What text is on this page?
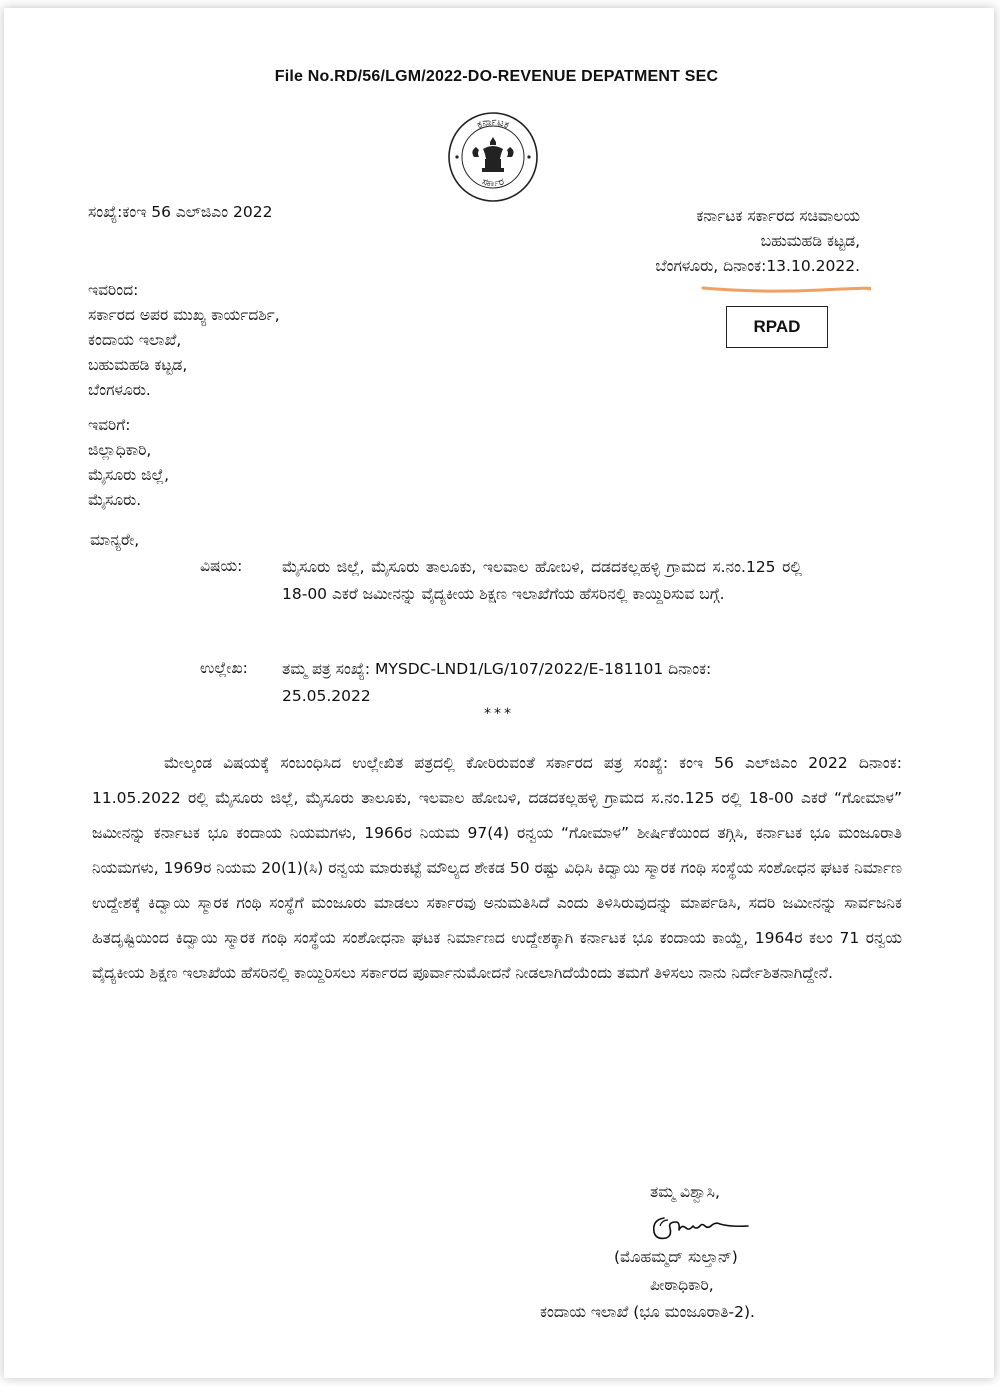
File No.RD/56/LGM/2022-DO-REVENUE DEPATMENT SEC
ಕರ್ನಾಟಕ
ಸರ್ಕಾರ
ಸಂಖ್ಯೆ:ಕಂಇ 56 ಎಲ್‌ಜಿಎಂ 2022	ಕರ್ನಾಟಕ ಸರ್ಕಾರದ ಸಚಿವಾಲಯ
ಬಹುಮಹಡಿ ಕಟ್ಟಡ,
ಬೆಂಗಳೂರು, ದಿನಾಂಕ:13.10.2022.
RPAD
ಇವರಿಂದ:
ಸರ್ಕಾರದ ಅಪರ ಮುಖ್ಯ ಕಾರ್ಯದರ್ಶಿ,
ಕಂದಾಯ ಇಲಾಖೆ,
ಬಹುಮಹಡಿ ಕಟ್ಟಡ,
ಬೆಂಗಳೂರು.
ಇವರಿಗೆ:
ಜಿಲ್ಲಾಧಿಕಾರಿ,
ಮೈಸೂರು ಜಿಲ್ಲೆ,
ಮೈಸೂರು.
ಮಾನ್ಯರೇ,
ವಿಷಯ:	ಮೈಸೂರು ಜಿಲ್ಲೆ, ಮೈಸೂರು ತಾಲೂಕು, ಇಲವಾಲ ಹೋಬಳಿ, ದಡದಕಲ್ಲಹಳ್ಳಿ ಗ್ರಾಮದ ಸ.ನಂ.125 ರಲ್ಲಿ 18-00 ಎಕರೆ ಜಮೀನನ್ನು ವೈದ್ಯಕೀಯ ಶಿಕ್ಷಣ ಇಲಾಖೆಗೆಯ ಹೆಸರಿನಲ್ಲಿ ಕಾಯ್ದಿರಿಸುವ ಬಗ್ಗೆ.
ಉಲ್ಲೇಖ: ತಮ್ಮ ಪತ್ರ ಸಂಖ್ಯೆ: MYSDC-LND1/LG/107/2022/E-181101 ದಿನಾಂಕ: 25.05.2022
***
ಮೇಲ್ಕಂಡ ವಿಷಯಕ್ಕೆ ಸಂಬಂಧಿಸಿದ ಉಲ್ಲೇಖಿತ ಪತ್ರದಲ್ಲಿ ಕೋರಿರುವಂತೆ ಸರ್ಕಾರದ ಪತ್ರ ಸಂಖ್ಯೆ: ಕಂಇ 56 ಎಲ್‌ಜಿಎಂ 2022 ದಿನಾಂಕ: 11.05.2022 ರಲ್ಲಿ ಮೈಸೂರು ಜಿಲ್ಲೆ, ಮೈಸೂರು ತಾಲೂಕು, ಇಲವಾಲ ಹೋಬಳಿ, ದಡದಕಲ್ಲಹಳ್ಳಿ ಗ್ರಾಮದ ಸ.ನಂ.125 ರಲ್ಲಿ 18-00 ಎಕರೆ “ಗೋಮಾಳ” ಜಮೀನನ್ನು ಕರ್ನಾಟಕ ಭೂ ಕಂದಾಯ ನಿಯಮಗಳು, 1966ರ ನಿಯಮ 97(4) ರನ್ವಯ “ಗೋಮಾಳ” ಶೀರ್ಷಿಕೆಯಿಂದ ತಗ್ಗಿಸಿ, ಕರ್ನಾಟಕ ಭೂ ಮಂಜೂರಾತಿ ನಿಯಮಗಳು, 1969ರ ನಿಯಮ 20(1)(ಸಿ) ರನ್ವಯ ಮಾರುಕಟ್ಟೆ ಮೌಲ್ಯದ ಶೇಕಡ 50 ರಷ್ಟು ವಿಧಿಸಿ ಕಿದ್ವಾಯಿ ಸ್ಮಾರಕ ಗಂಥಿ ಸಂಸ್ಥೆಯ ಸಂಶೋಧನ ಘಟಕ ನಿರ್ಮಾಣ ಉದ್ದೇಶಕ್ಕೆ ಕಿದ್ವಾಯಿ ಸ್ಮಾರಕ ಗಂಥಿ ಸಂಸ್ಥೆಗೆ ಮಂಜೂರು ಮಾಡಲು ಸರ್ಕಾರವು ಅನುಮತಿಸಿದೆ ಎಂದು ತಿಳಿಸಿರುವುದನ್ನು ಮಾರ್ಪಡಿಸಿ, ಸದರಿ ಜಮೀನನ್ನು ಸಾರ್ವಜನಿಕ ಹಿತದೃಷ್ಟಿಯಿಂದ ಕಿದ್ವಾಯಿ ಸ್ಮಾರಕ ಗಂಥಿ ಸಂಸ್ಥೆಯ ಸಂಶೋಧನಾ ಘಟಕ ನಿರ್ಮಾಣದ ಉದ್ದೇಶಕ್ಕಾಗಿ ಕರ್ನಾಟಕ ಭೂ ಕಂದಾಯ ಕಾಯ್ದೆ, 1964ರ ಕಲಂ 71 ರನ್ವಯ ವೈದ್ಯಕೀಯ ಶಿಕ್ಷಣ ಇಲಾಖೆಯ ಹೆಸರಿನಲ್ಲಿ ಕಾಯ್ದಿರಿಸಲು ಸರ್ಕಾರದ ಪೂರ್ವಾನುಮೋದನೆ ನೀಡಲಾಗಿದೆಯೆಂದು ತಮಗೆ ತಿಳಿಸಲು ನಾನು ನಿರ್ದೇಶಿತನಾಗಿದ್ದೇನೆ.
ತಮ್ಮ ವಿಶ್ವಾಸಿ,
(ಮೊಹಮ್ಮದ್ ಸುಲ್ತಾನ್)
ಪೀಠಾಧಿಕಾರಿ,
ಕಂದಾಯ ಇಲಾಖೆ (ಭೂ ಮಂಜೂರಾತಿ-2).
